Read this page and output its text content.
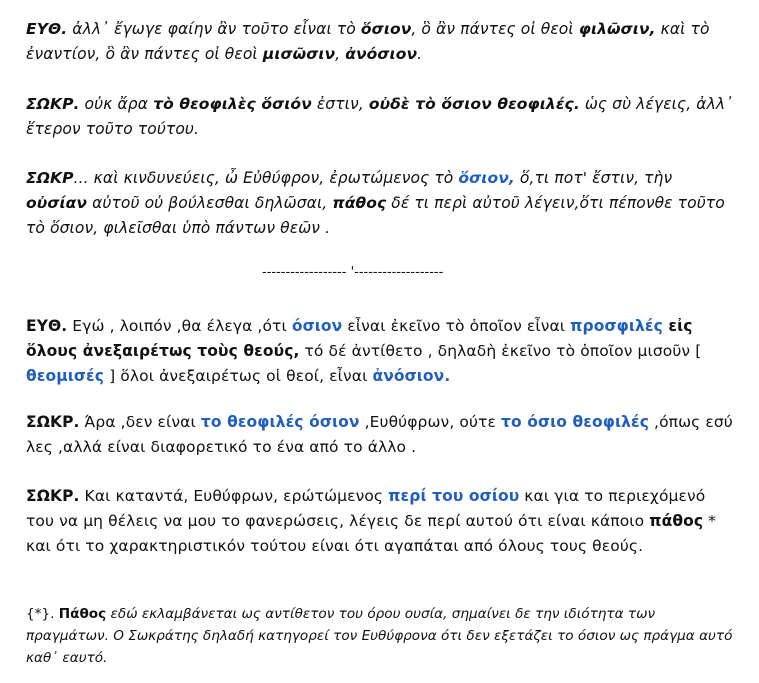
ΕΥΘ. ἀλλ᾽ ἔγωγε φαίην ἂν τοῦτο εἶναι τὸ ὅσιον, ὃ ἂν πάντες οἱ θεοὶ φιλῶσιν, καὶ τὸ ἐναντίον, ὃ ἂν πάντες οἱ θεοὶ μισῶσιν, ἀνόσιον.
ΣΩΚΡ. οὐκ ἄρα τὸ θεοφιλὲς ὅσιόν ἐστιν, οὐδὲ τὸ ὅσιον θεοφιλές. ὡς σὺ λέγεις, ἀλλ᾽ ἕτερον τοῦτο τούτου.
ΣΩΚΡ... καὶ κινδυνεύεις, ὦ Εὐθύφρον, ἐρωτώμενος τὸ ὅσιον, ὅ,τι ποτ' ἔστιν, τὴν οὐσίαν αὐτοῦ οὐ βούλεσθαι δηλῶσαι, πάθος δέ τι περὶ αὐτοῦ λέγειν,ὅτι πέπονθε τοῦτο τὸ ὅσιον, φιλεῖσθαι ὑπὸ πάντων θεῶν .
------------------ '-------------------
ΕΥΘ. Εγώ , λοιπόν ,θα έλεγα ,ότι όσιον εἶναι ἐκεῖνο τὸ ὁποῖον εἶναι προσφιλές εἰς ὅλους ἀνεξαιρέτως τοὺς θεούς, τό δέ ἀντίθετο , δηλαδὴ ἐκεῖνο τὸ ὁποῖον μισοῦν [ θεομισές ] ὅλοι ἀνεξαιρέτως οἱ θεοί, εἶναι ἀνόσιον.
ΣΩΚΡ. Άρα ,δεν είναι το θεοφιλές όσιον ,Ευθύφρων, ούτε το όσιο θεοφιλές ,όπως εσύ λες ,αλλά είναι διαφορετικό το ένα από το άλλο .
ΣΩΚΡ. Και καταντά, Ευθύφρων, ερώτώμενος περί του οσίου και για το περιεχόμενό του να μη θέλεις να μου το φανερώσεις, λέγεις δε περί αυτού ότι είναι κάποιο πάθος * και ότι το χαρακτηριστικόν τούτου είναι ότι αγαπάται από όλους τους θεούς.
{*}. Πάθος εδώ εκλαμβάνεται ως αντίθετον του όρου ουσία, σημαίνει δε την ιδιότητα των πραγμάτων. Ο Σωκράτης δηλαδή κατηγορεί τον Ευθύφρονα ότι δεν εξετάζει το όσιον ως πράγμα αυτό καθ᾽ εαυτό.
